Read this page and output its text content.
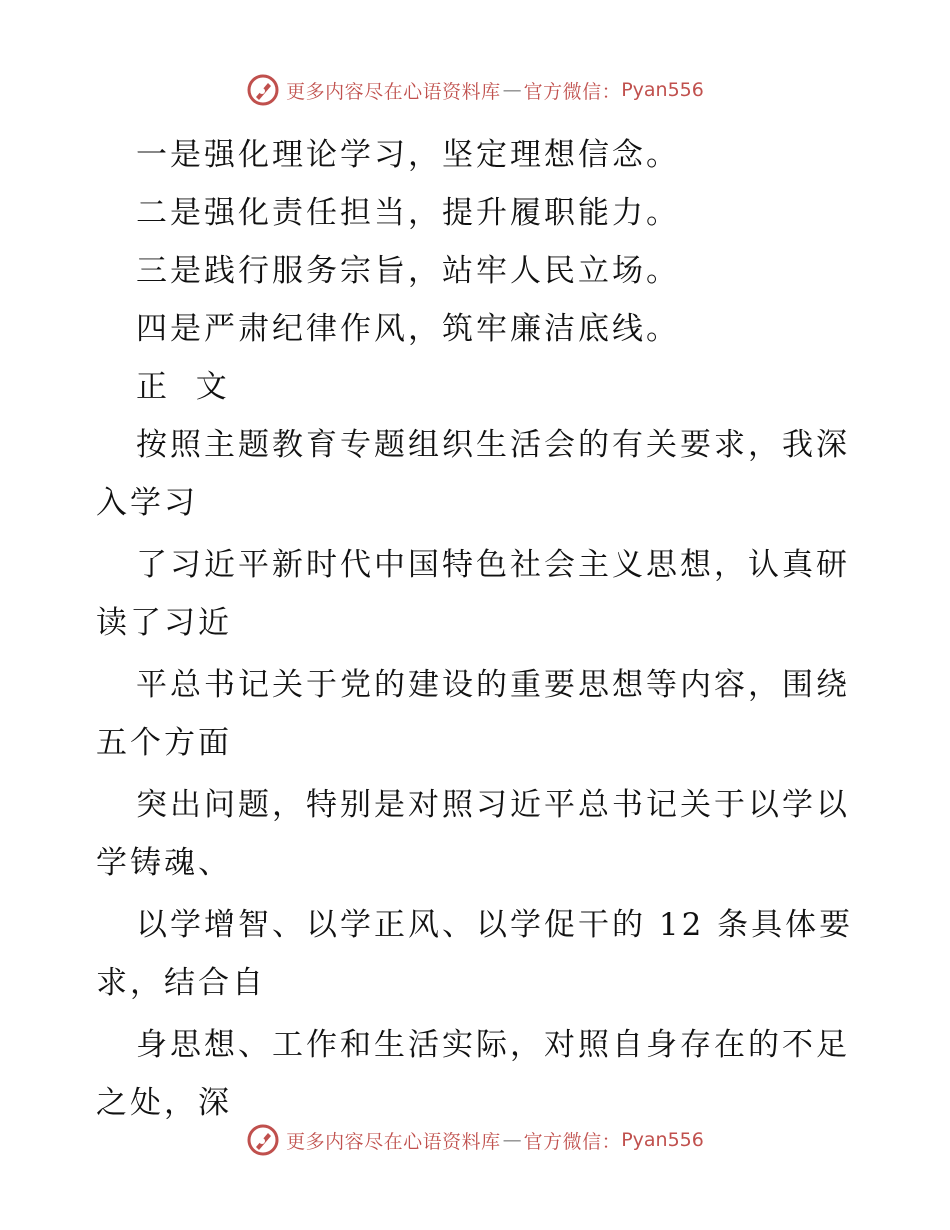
更多内容尽在心语资料库 — 官方微信： Pyan556
一是强化理论学习，坚定理想信念。
二是强化责任担当，提升履职能力。
三是践行服务宗旨，站牢人民立场。
四是严肃纪律作风，筑牢廉洁底线。
正  文
按照主题教育专题组织生活会的有关要求，我深
入学习
了习近平新时代中国特色社会主义思想，认真研
读了习近
平总书记关于党的建设的重要思想等内容，围绕
五个方面
突出问题，特别是对照习近平总书记关于以学以
学铸魂、
以学增智、以学正风、以学促干的 12 条具体要
求，结合自
身思想、工作和生活实际，对照自身存在的不足
之处，深
更多内容尽在心语资料库 — 官方微信： Pyan556
